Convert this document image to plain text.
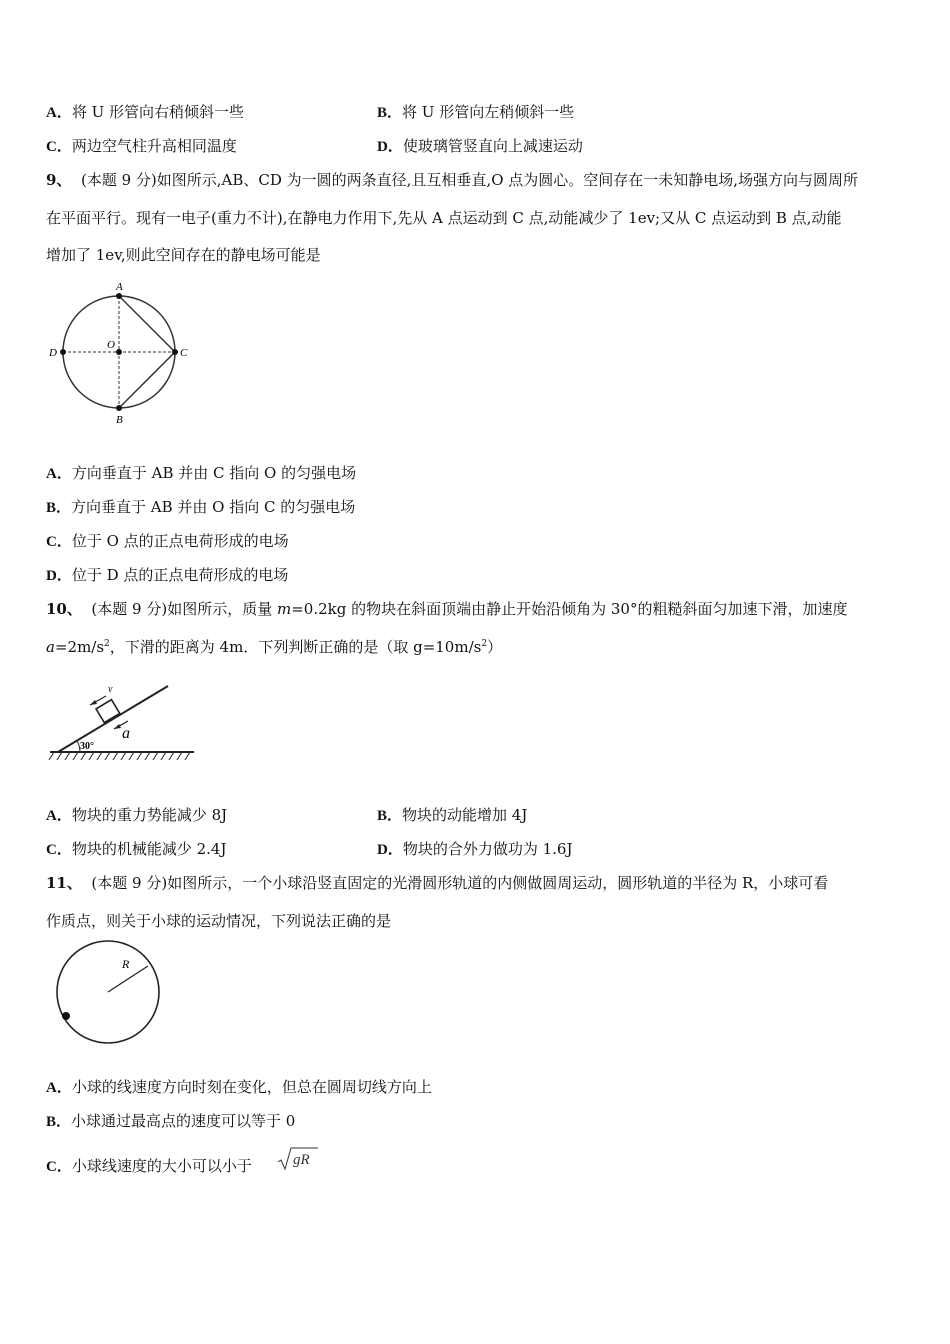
A．将 U 形管向右稍倾斜一些	B．将 U 形管向左稍倾斜一些
C．两边空气柱升高相同温度	D．使玻璃管竖直向上减速运动
9、 (本题 9 分)如图所示,AB、CD 为一圆的两条直径,且互相垂直,O 点为圆心。空间存在一未知静电场,场强方向与圆周所
在平面平行。现有一电子(重力不计),在静电力作用下,先从 A 点运动到 C 点,动能减少了 1ev;又从 C 点运动到 B 点,动能
增加了 1ev,则此空间存在的静电场可能是
A
B
C
D
O
A．方向垂直于 AB 并由 C 指向 O 的匀强电场
B．方向垂直于 AB 并由 O 指向 C 的匀强电场
C．位于 O 点的正点电荷形成的电场
D．位于 D 点的正点电荷形成的电场
10、 (本题 9 分)如图所示，质量 m=0.2kg 的物块在斜面顶端由静止开始沿倾角为 30°的粗糙斜面匀加速下滑，加速度
$a=2m/s^2$，下滑的距离为 4m．下列判断正确的是（取 $g=10m/s^2$）
30°
v
a
A．物块的重力势能减少 8J	B．物块的动能增加 4J
C．物块的机械能减少 2.4J	D．物块的合外力做功为 1.6J
11、 (本题 9 分)如图所示，一个小球沿竖直固定的光滑圆形轨道的内侧做圆周运动，圆形轨道的半径为 R，小球可看
作质点，则关于小球的运动情况，下列说法正确的是
R
A．小球的线速度方向时刻在变化，但总在圆周切线方向上
B．小球通过最高点的速度可以等于 0
C．小球线速度的大小可以小于	gR
